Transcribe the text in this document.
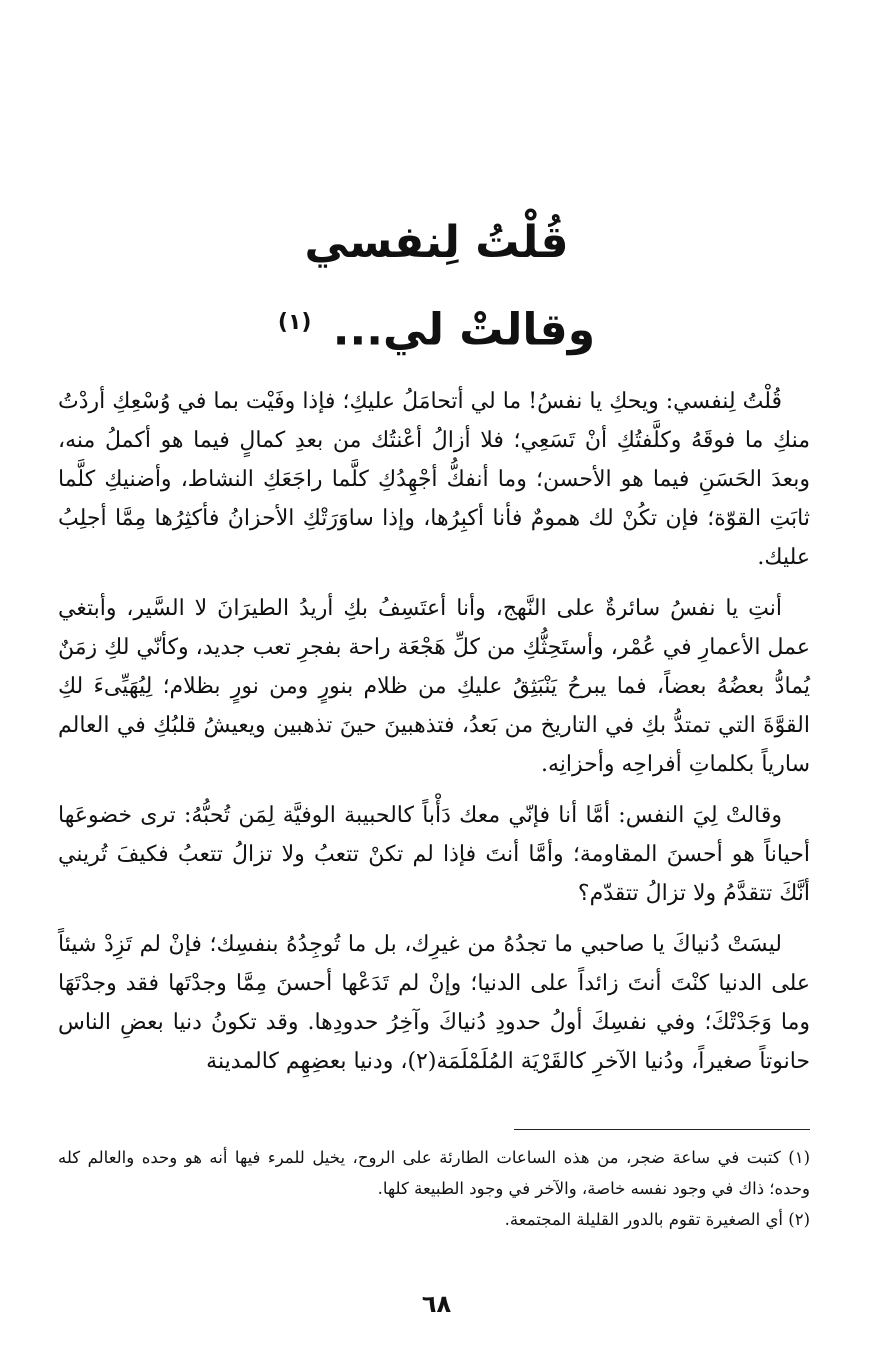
قُلْتُ لِنفسي
وقالتْ لي... $^{(١)}$

قُلْتُ لِنفسي: ويحكِ يا نفسُ! ما لي أتحامَلُ عليكِ؛ فإذا وفَيْت بما في وُسْعِكِ أردْتُ منكِ ما فوقَهُ وكلَّفتُكِ أنْ تَسَعِي؛ فلا أزالُ أعْنتُك من بعدِ كمالٍ فيما هو أكملُ منه، وبعدَ الحَسَنِ فيما هو الأحسن؛ وما أنفكُّ أجْهِدُكِ كلَّما راجَعَكِ النشاط، وأضنيكِ كلَّما ثابَتِ القوّة؛ فإن تكُنْ لك همومٌ فأنا أكبِرُها، وإذا ساوَرَتْكِ الأحزانُ فأكثِرُها مِمَّا أجلِبُ عليك.

أنتِ يا نفسُ سائرةٌ على النَّهج، وأنا أعتَسِفُ بكِ أريدُ الطيرَانَ لا السَّير، وأبتغي عمل الأعمارِ في عُمْر، وأستَحِثُّكِ من كلِّ هَجْعَة راحة بفجرِ تعب جديد، وكأنّي لكِ زمَنٌ يُمادُّ بعضُهُ بعضاً، فما يبرحُ يَنْبَثِقُ عليكِ من ظلام بنورٍ ومن نورٍ بظلام؛ لِيُهَيِّىءَ لكِ القوَّةَ التي تمتدُّ بكِ في التاريخ من بَعدُ، فتذهبينَ حينَ تذهبين ويعيشُ قلبُكِ في العالم سارياً بكلماتِ أفراحِه وأحزانِه.

وقالتْ لِيَ النفس: أمَّا أنا فإنّي معك دَأْباً كالحبيبة الوفيَّة لِمَن تُحبُّهُ: ترى خضوعَها أحياناً هو أحسنَ المقاومة؛ وأمَّا أنتَ فإذا لم تكنْ تتعبُ ولا تزالُ تتعبُ فكيفَ تُريني أنَّكَ تتقدَّمُ ولا تزالُ تتقدّم؟

ليسَتْ دُنياكَ يا صاحبي ما تجدُهُ من غيرِك، بل ما تُوجِدُهُ بنفسِك؛ فإنْ لم تَزِدْ شيئاً على الدنيا كنْتَ أنتَ زائداً على الدنيا؛ وإنْ لم تَدَعْها أحسنَ مِمَّا وجدْتَها فقد وجدْتَهَا وما وَجَدْتْكَ؛ وفي نفسِكَ أولُ حدودِ دُنياكَ وآخِرُ حدودِها. وقد تكونُ دنيا بعضِ الناس حانوتاً صغيراً، ودُنيا الآخرِ كالقَرْيَة المُلَمْلَمَة(٢)، ودنيا بعضِهِم كالمدينة

(١) كتبت في ساعة ضجر، من هذه الساعات الطارئة على الروح، يخيل للمرء فيها أنه هو وحده والعالم كله وحده؛ ذاك في وجود نفسه خاصة، والآخر في وجود الطبيعة كلها.

(٢) أي الصغيرة تقوم بالدور القليلة المجتمعة.

٦٨
